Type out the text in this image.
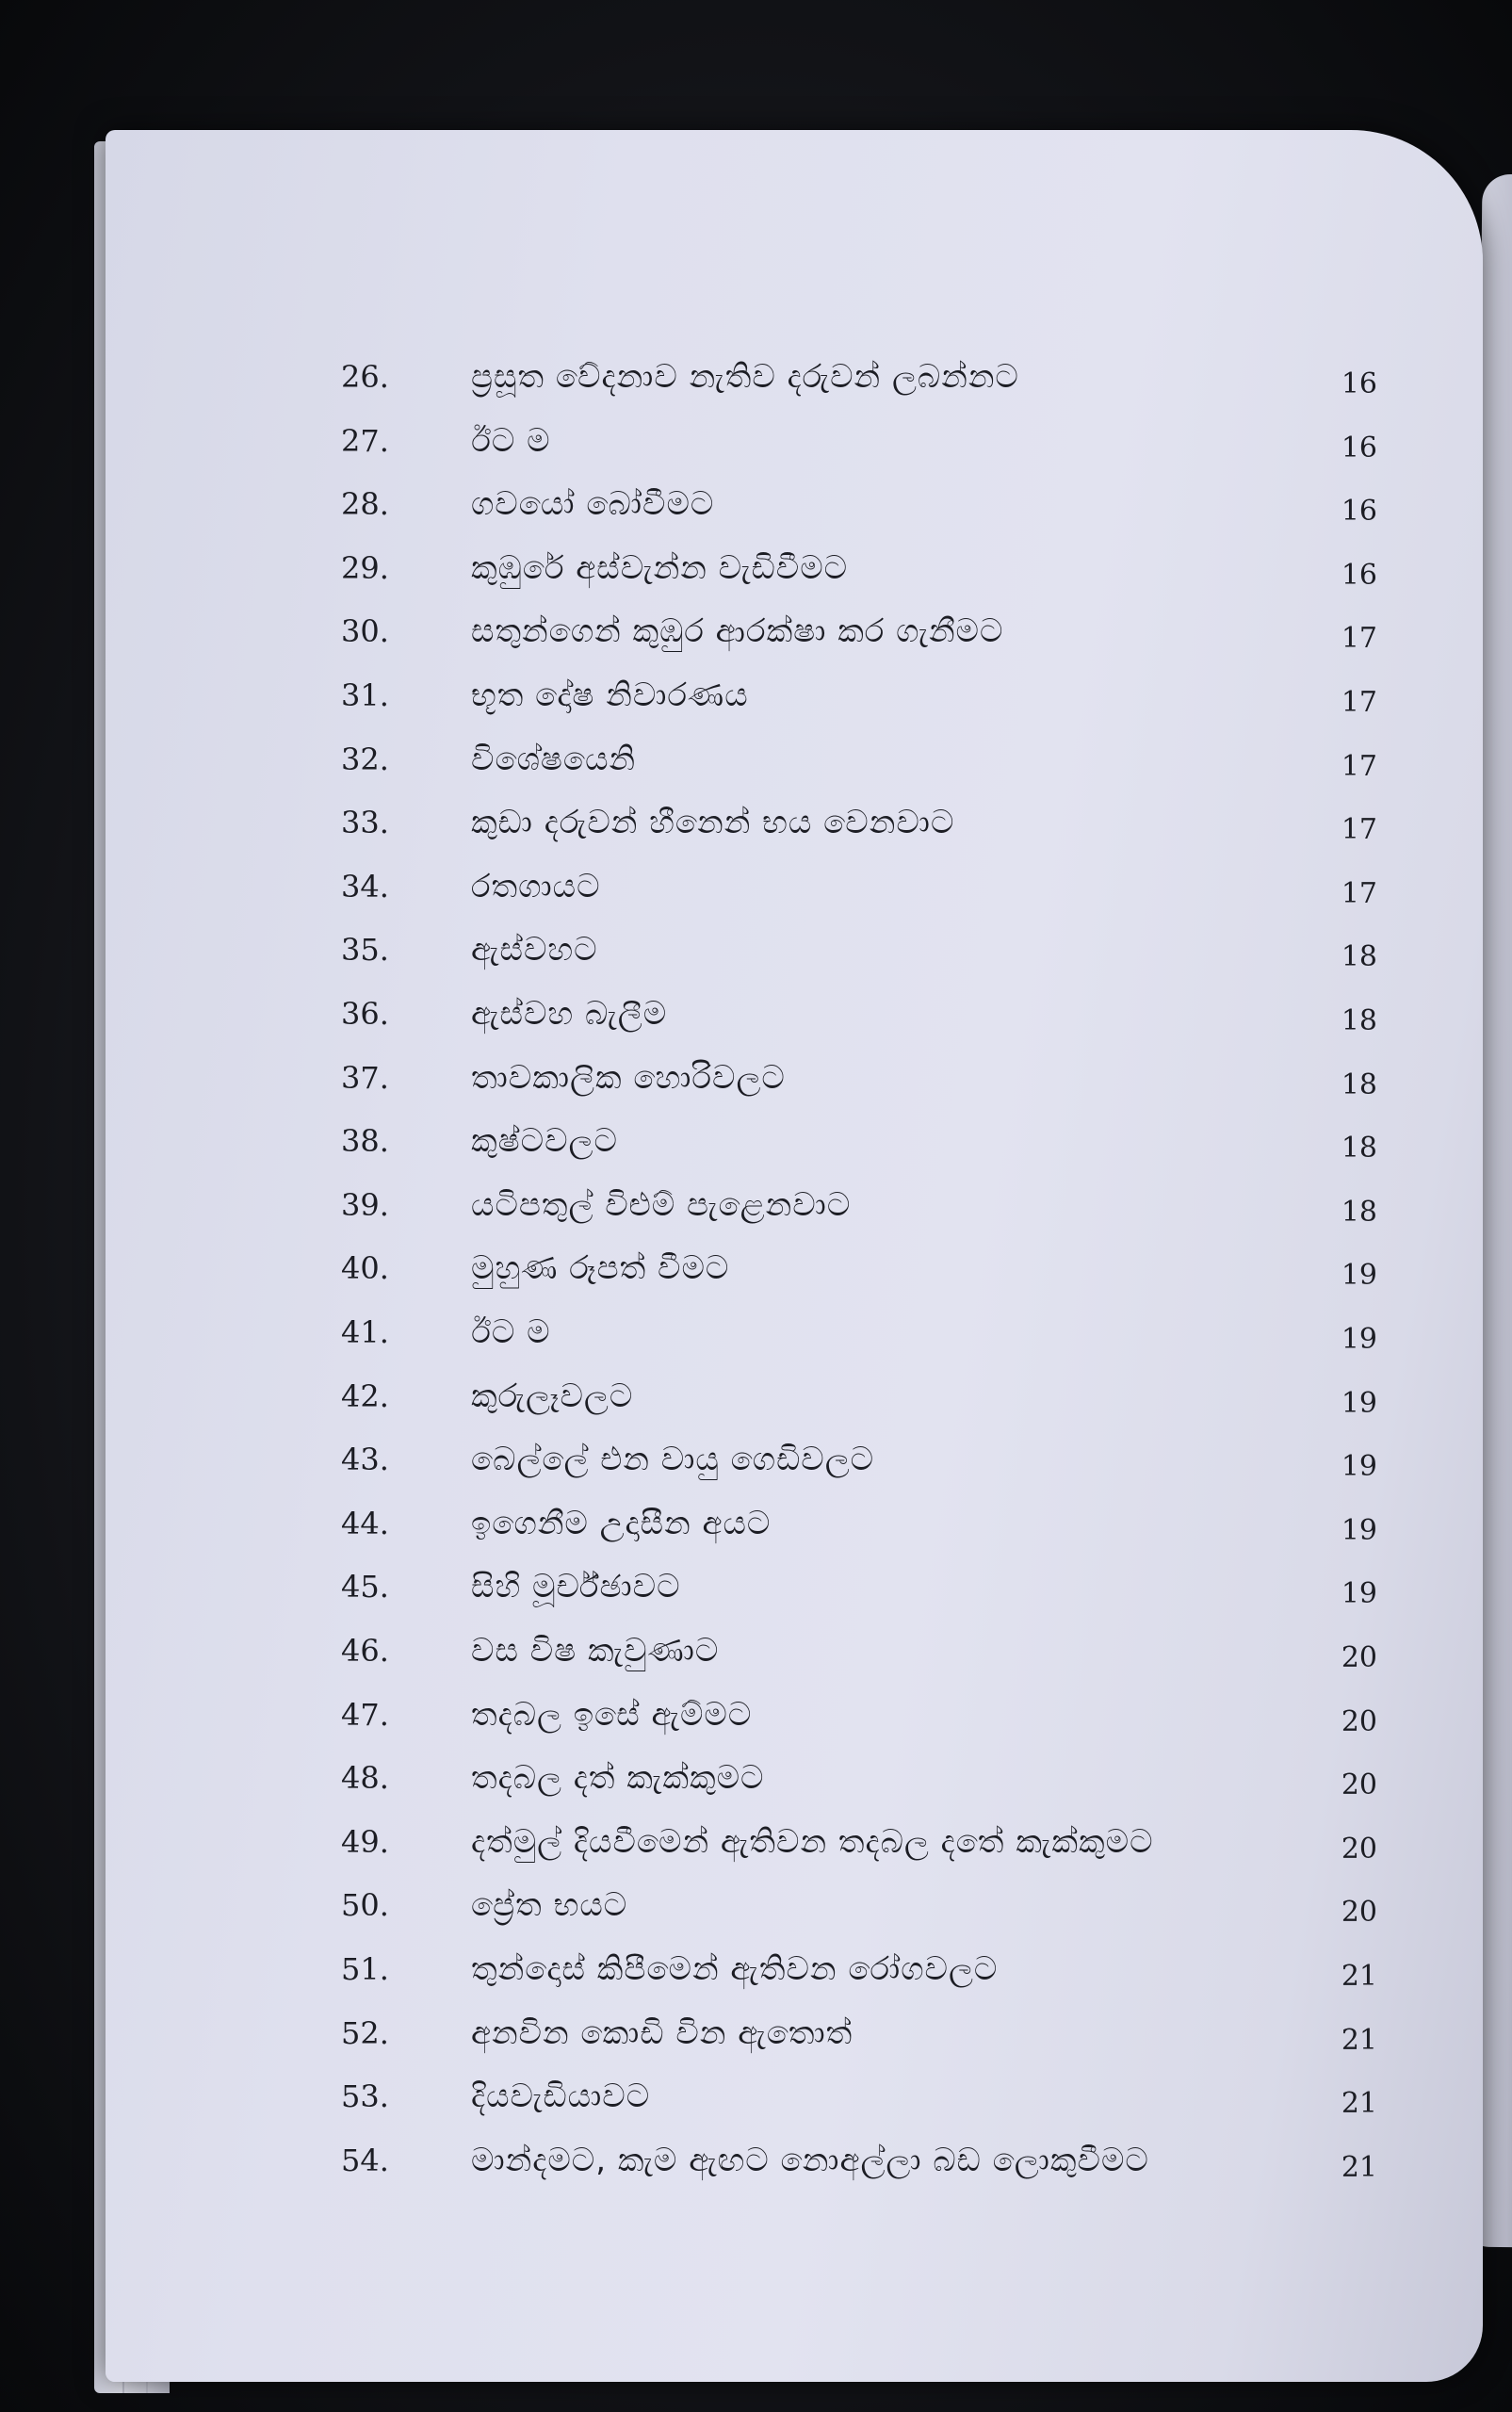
26.	ප්‍රසූත වේදනාව නැතිව දරුවන් ලබන්නට	16
27.	ඊට ම	16
28.	ගවයෝ බෝවීමට	16
29.	කුඹුරේ අස්වැන්න වැඩිවීමට	16
30.	සතුන්ගෙන් කුඹුර ආරක්ෂා කර ගැනීමට	17
31.	භූත දෝෂ නිවාරණය	17
32.	විශේෂයෙනි	17
33.	කුඩා දරුවන් හීනෙන් භය වෙනවාට	17
34.	රතගායට	17
35.	ඇස්වහට	18
36.	ඇස්වහ බැලීම	18
37.	තාවකාලික හොරිවලට	18
38.	කුෂ්ටවලට	18
39.	යටිපතුල් විළුම් පැළෙනවාට	18
40.	මුහුණ රූපත් වීමට	19
41.	ඊට ම	19
42.	කුරුලෑවලට	19
43.	බෙල්ලේ එන වායු ගෙඩිවලට	19
44.	ඉගෙනීම උදාසීන අයට	19
45.	සිහි මූර්ච්ඡාවට	19
46.	වස විෂ කැවුණාට	20
47.	තදබල ඉසේ ඇම්මට	20
48.	තදබල දත් කැක්කුමට	20
49.	දත්මුල් දියවීමෙන් ඇතිවන තදබල දතේ කැක්කුමට	20
50.	ප්‍රේත භයට	20
51.	තුන්දොස් කිපීමෙන් ඇතිවන රෝගවලට	21
52.	අනවින කොඩි වින ඇතොත්	21
53.	දියවැඩියාවට	21
54.	මාන්දමට, කැම ඇඟට නොඅල්ලා බඩ ලොකුවීමට	21
